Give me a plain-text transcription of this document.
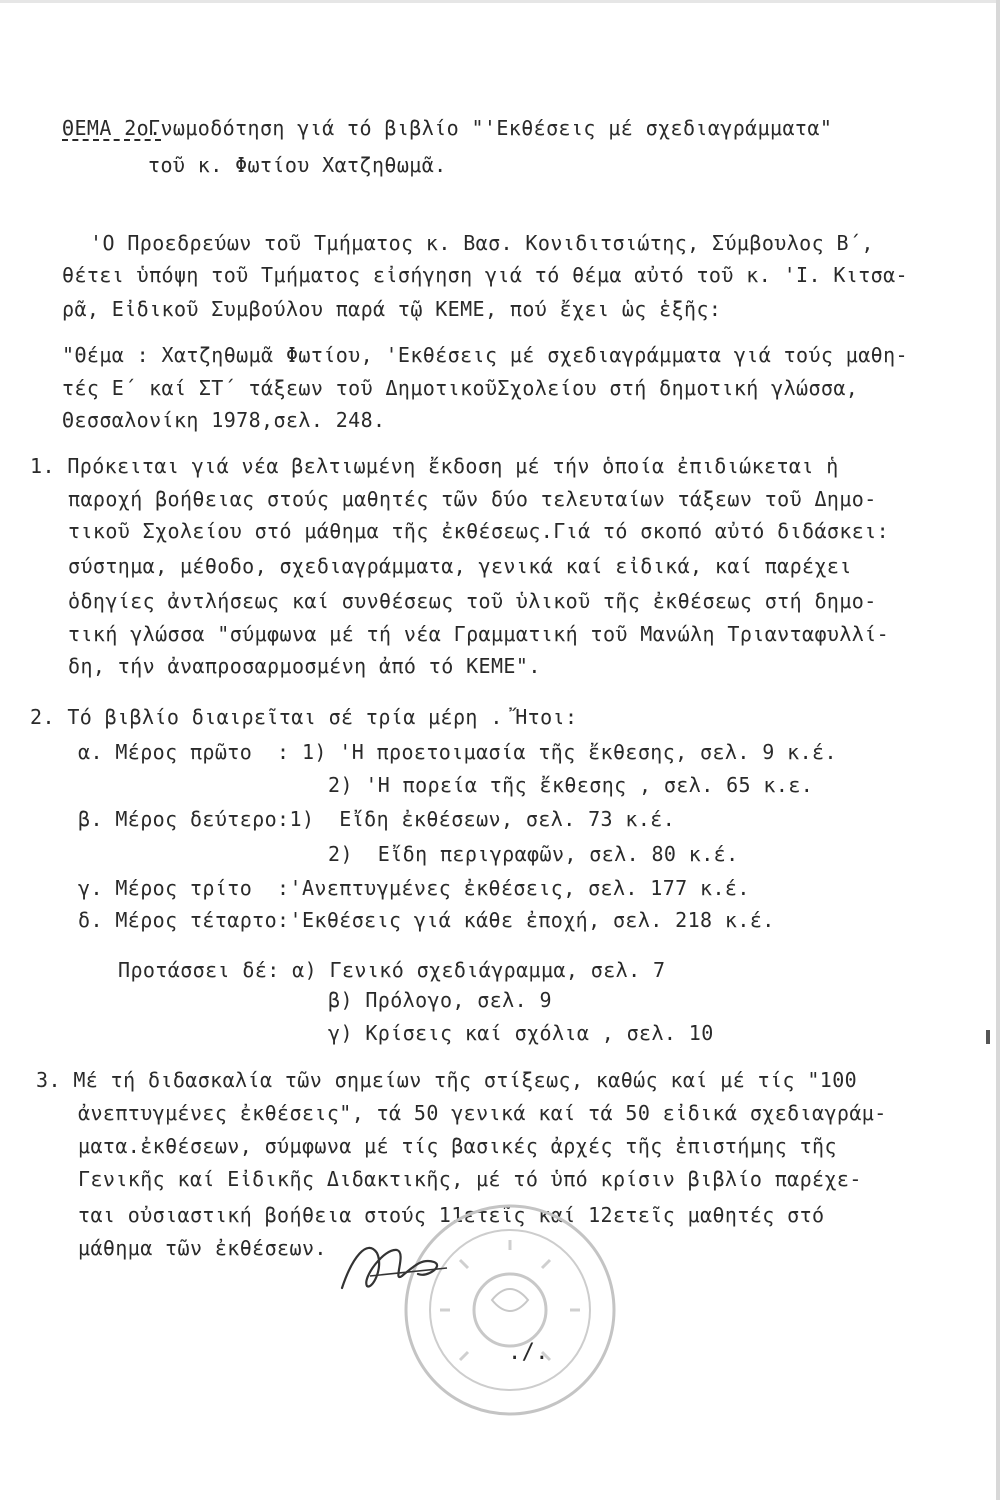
ΘΕΜΑ 2ο.
Γνωμοδότηση γιά τό βιβλίο "'Εκθέσεις μέ σχεδιαγράμματα"
τοῦ κ. Φωτίου Χατζηθωμᾶ.
'Ο Προεδρεύων τοῦ Τμήματος κ. Βασ. Κονιδιτσιώτης, Σύμβουλος Β΄,
θέτει ὑπόψη τοῦ Τμήματος εἰσήγηση γιά τό θέμα αὐτό τοῦ κ. 'Ι. Κιτσα-
ρᾶ, Εἰδικοῦ Συμβούλου παρά τῷ ΚΕΜΕ, πού ἔχει ὡς ἑξῆς:
"Θέμα : Χατζηθωμᾶ Φωτίου, 'Εκθέσεις μέ σχεδιαγράμματα γιά τούς μαθη-
τές Ε΄ καί ΣΤ΄ τάξεων τοῦ ΔημοτικοῦΣχολείου στή δημοτική γλώσσα,
Θεσσαλονίκη 1978,σελ. 248.
1. Πρόκειται γιά νέα βελτιωμένη ἔκδοση μέ τήν ὁποία ἐπιδιώκεται ἡ
παροχή βοήθειας στούς μαθητές τῶν δύο τελευταίων τάξεων τοῦ Δημο-
τικοῦ Σχολείου στό μάθημα τῆς ἐκθέσεως.Γιά τό σκοπό αὐτό διδάσκει:
σύστημα, μέθοδο, σχεδιαγράμματα, γενικά καί εἰδικά, καί παρέχει
ὁδηγίες ἀντλήσεως καί συνθέσεως τοῦ ὑλικοῦ τῆς ἐκθέσεως στή δημο-
τική γλώσσα "σύμφωνα μέ τή νέα Γραμματική τοῦ Μανώλη Τριανταφυλλί-
δη, τήν ἀναπροσαρμοσμένη ἀπό τό ΚΕΜΕ".
2. Τό βιβλίο διαιρεῖται σέ τρία μέρη . Ἤτοι:
α. Μέρος πρῶτο  : 1) 'Η προετοιμασία τῆς ἔκθεσης, σελ. 9 κ.έ.
2) 'Η πορεία τῆς ἔκθεσης , σελ. 65 κ.ε.
β. Μέρος δεύτερο:1)  Εἴδη ἐκθέσεων, σελ. 73 κ.έ.
2)  Εἴδη περιγραφῶν, σελ. 80 κ.έ.
γ. Μέρος τρίτο  :'Ανεπτυγμένες ἐκθέσεις, σελ. 177 κ.έ.
δ. Μέρος τέταρτο:'Εκθέσεις γιά κάθε ἐποχή, σελ. 218 κ.έ.
Προτάσσει δέ: α) Γενικό σχεδιάγραμμα, σελ. 7
β) Πρόλογο, σελ. 9
γ) Κρίσεις καί σχόλια , σελ. 10
3. Μέ τή διδασκαλία τῶν σημείων τῆς στίξεως, καθώς καί μέ τίς "100
ἀνεπτυγμένες ἐκθέσεις", τά 50 γενικά καί τά 50 εἰδικά σχεδιαγράμ-
ματα.ἐκθέσεων, σύμφωνα μέ τίς βασικές ἀρχές τῆς ἐπιστήμης τῆς
Γενικῆς καί Εἰδικῆς Διδακτικῆς, μέ τό ὑπό κρίσιν βιβλίο παρέχε-
ται οὐσιαστική βοήθεια στούς 11ετεῖς καί 12ετεῖς μαθητές στό
μάθημα τῶν ἐκθέσεων.
./.
